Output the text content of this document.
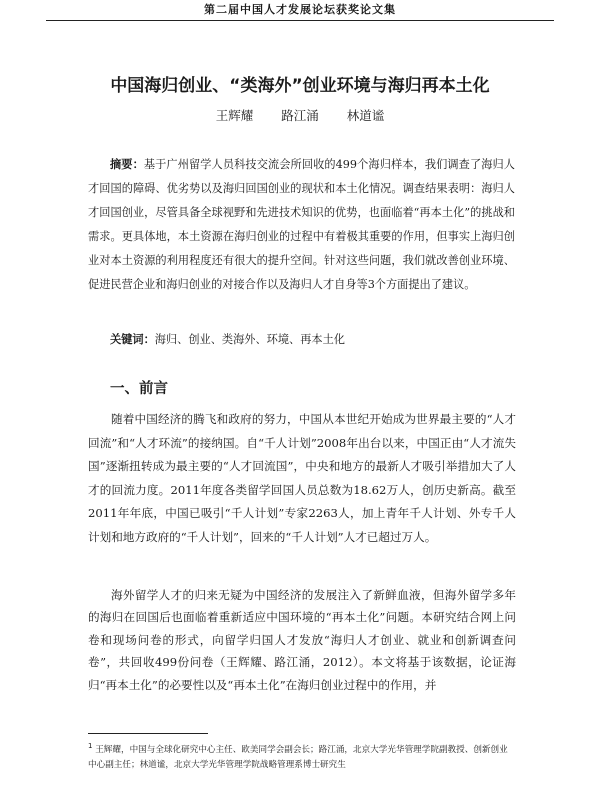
第二届中国人才发展论坛获奖论文集
中国海归创业、“类海外”创业环境与海归再本土化
王辉耀 路江涌 林道谧

摘要：基于广州留学人员科技交流会所回收的499个海归样本，我们调查了海归人才回国的障碍、优劣势以及海归回国创业的现状和本土化情况。调查结果表明：海归人才回国创业，尽管具备全球视野和先进技术知识的优势，也面临着“再本土化”的挑战和需求。更具体地，本土资源在海归创业的过程中有着极其重要的作用，但事实上海归创业对本土资源的利用程度还有很大的提升空间。针对这些问题，我们就改善创业环境、促进民营企业和海归创业的对接合作以及海归人才自身等3个方面提出了建议。

关键词：海归、创业、类海外、环境、再本土化

一、前言

随着中国经济的腾飞和政府的努力，中国从本世纪开始成为世界最主要的“人才回流”和“人才环流”的接纳国。自“千人计划”2008年出台以来，中国正由“人才流失国”逐渐扭转成为最主要的“人才回流国”，中央和地方的最新人才吸引举措加大了人才的回流力度。2011年度各类留学回国人员总数为18.62万人，创历史新高。截至2011年年底，中国已吸引“千人计划”专家2263人，加上青年千人计划、外专千人计划和地方政府的“千人计划”，回来的“千人计划”人才已超过万人。

海外留学人才的归来无疑为中国经济的发展注入了新鲜血液，但海外留学多年的海归在回国后也面临着重新适应中国环境的“再本土化”问题。本研究结合网上问卷和现场问卷的形式，向留学归国人才发放“海归人才创业、就业和创新调查问卷”，共回收499份问卷（王辉耀、路江涌，2012）。本文将基于该数据，论证海归“再本土化”的必要性以及“再本土化”在海归创业过程中的作用，并

$^1$ 王辉耀，中国与全球化研究中心主任、欧美同学会副会长；路江涌，北京大学光华管理学院副教授、创新创业中心副主任；林道谧，北京大学光华管理学院战略管理系博士研究生
